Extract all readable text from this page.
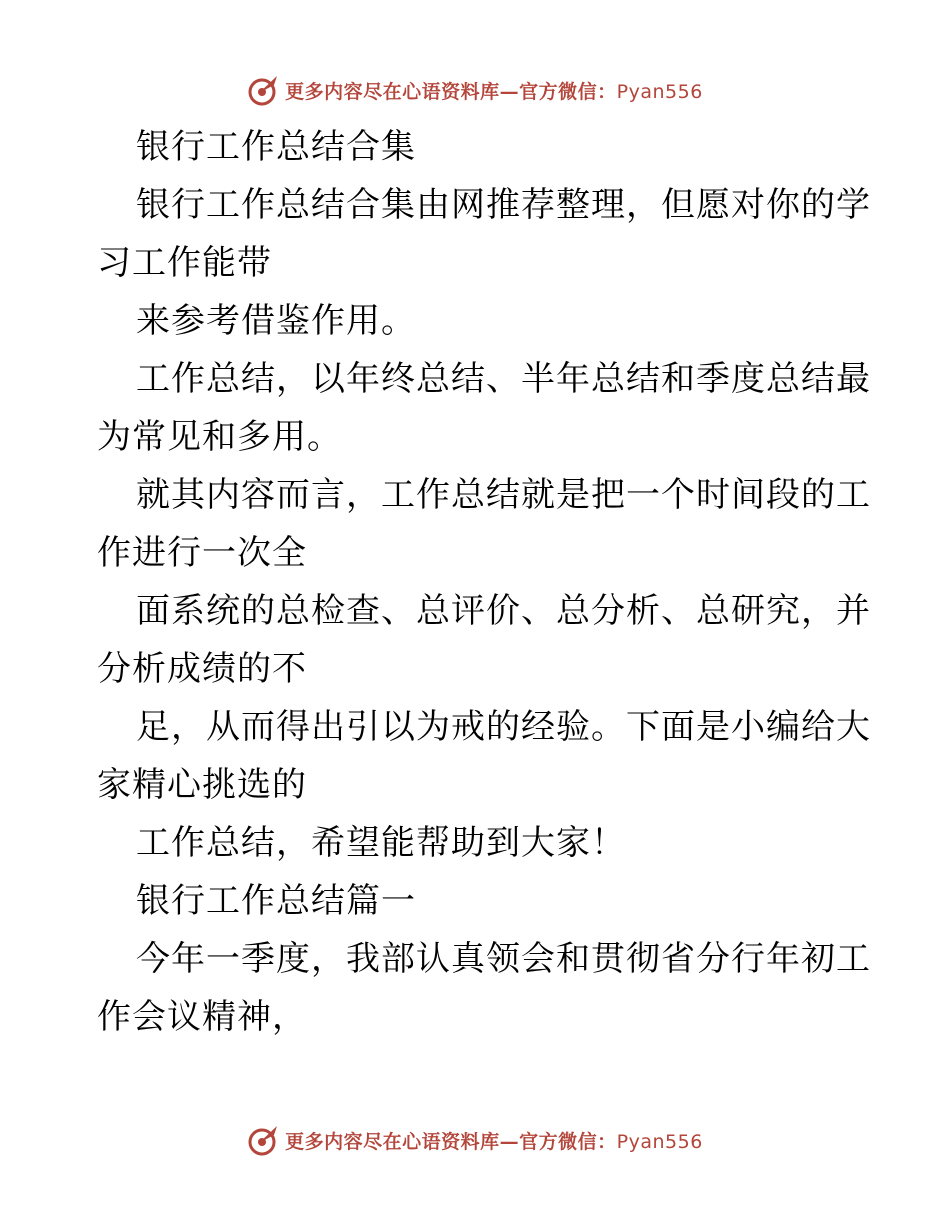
更多内容尽在心语资料库—官方微信：Pyan556
银行工作总结合集
银行工作总结合集由网推荐整理，但愿对你的学
习工作能带
来参考借鉴作用。
工作总结，以年终总结、半年总结和季度总结最
为常见和多用。
就其内容而言，工作总结就是把一个时间段的工
作进行一次全
面系统的总检查、总评价、总分析、总研究，并
分析成绩的不
足，从而得出引以为戒的经验。下面是小编给大
家精心挑选的
工作总结，希望能帮助到大家！
银行工作总结篇一
今年一季度，我部认真领会和贯彻省分行年初工
作会议精神，
更多内容尽在心语资料库—官方微信：Pyan556
